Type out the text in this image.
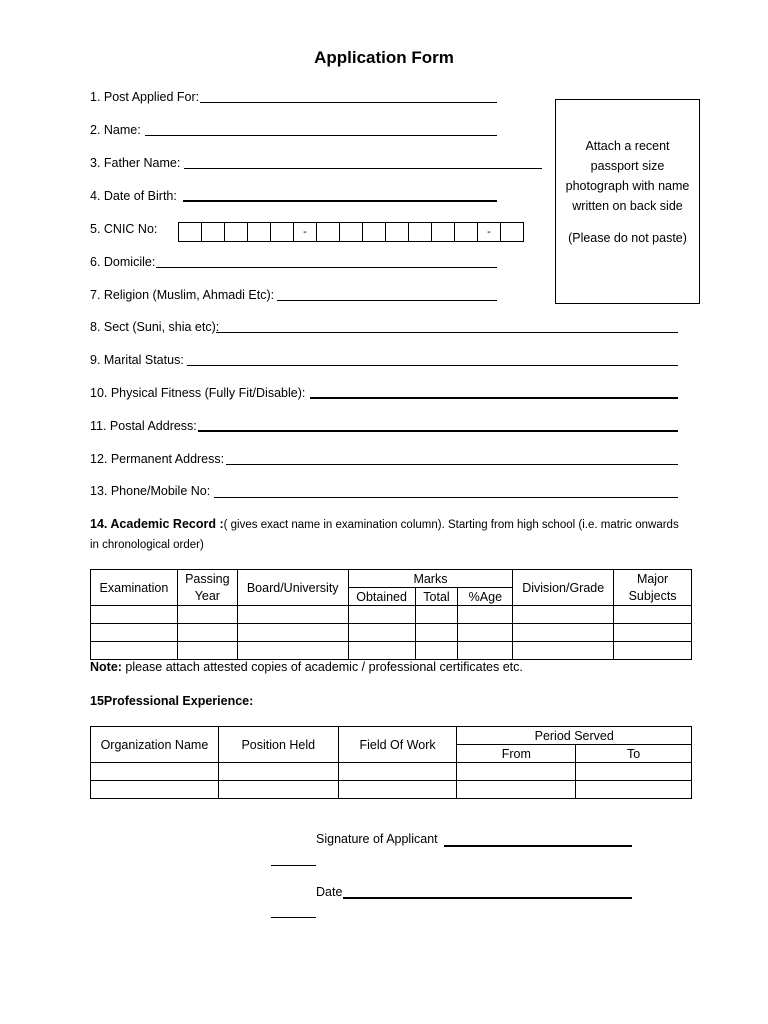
Application Form
1. Post Applied For:
2. Name:
3. Father Name:
4. Date of Birth:
5. CNIC No:	-	-
6. Domicile:
7. Religion (Muslim, Ahmadi Etc):
8. Sect (Suni, shia etc):
9. Marital Status:
10. Physical Fitness (Fully Fit/Disable):
11. Postal Address:
12. Permanent Address:
13. Phone/Mobile No:
Attach a recent passport size photograph with name written on back side
(Please do not paste)
14. Academic Record :( gives exact name in examination column). Starting from high school (i.e. matric onwards in chronological order)
Examination	Passing Year	Board/University	Marks			Division/Grade	Major Subjects
			Obtained	Total	%Age		

Note: please attach attested copies of academic / professional certificates etc.
15Professional Experience:
Organization Name	Position Held	Field Of Work	Period Served	
			From	To

Signature of Applicant
Date
